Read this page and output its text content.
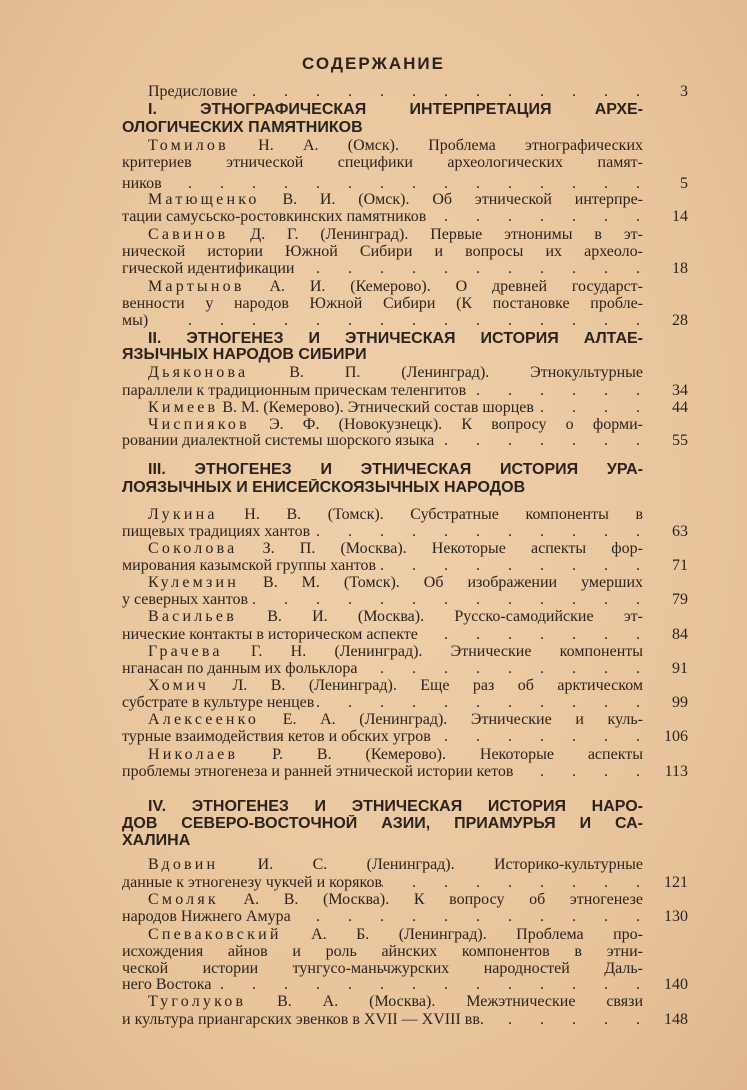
СОДЕРЖАНИЕ
Предисловие .	3
I. ЭТНОГРАФИЧЕСКАЯ ИНТЕРПРЕТАЦИЯ АРХЕ-
ОЛОГИЧЕСКИХ ПАМЯТНИКОВ
Томилов Н. А. (Омск). Проблема этнографических
критериев этнической специфики археологических памят-
ников .	5
Матющенко В. И. (Омск). Об этнической интерпре-
тации самусьско-ростовкинских памятников .	14
Савинов Д. Г. (Ленинград). Первые этнонимы в эт-
нической истории Южной Сибири и вопросы их археоло-
гической идентификации .	18
Мартынов А. И. (Кемерово). О древней государст-
венности у народов Южной Сибири (К постановке пробле-
мы) .	28
II. ЭТНОГЕНЕЗ И ЭТНИЧЕСКАЯ ИСТОРИЯ АЛТАЕ-
ЯЗЫЧНЫХ НАРОДОВ СИБИРИ
Дьяконова	В. П. (Ленинград). Этнокультурные
параллели к традиционным прическам теленгитов .	34
Кимеев В. М. (Кемерово). Этнический состав шорцев .	44
Чиспияков Э. Ф. (Новокузнецк). К вопросу о форми-
ровании диалектной системы шорского языка .	55
III. ЭТНОГЕНЕЗ И ЭТНИЧЕСКАЯ ИСТОРИЯ УРА-
ЛОЯЗЫЧНЫХ И ЕНИСЕЙСКОЯЗЫЧНЫХ НАРОДОВ
Лукина Н. В. (Томск). Субстратные компоненты в
пищевых традициях хантов .	63
Соколова З. П. (Москва). Некоторые аспекты фор-
мирования казымской группы хантов .	71
Кулемзин В. М. (Томск). Об изображении умерших
у северных хантов .	79
Васильев В. И. (Москва). Русско-самодийские эт-
нические контакты в историческом аспекте .	84
Грачева Г. Н. (Ленинград). Этнические компоненты
нганасан по данным их фольклора .	91
Хомич Л. В. (Ленинград). Еще раз об арктическом
субстрате в культуре ненцев .	99
Алексеенко Е. А. (Ленинград). Этнические и куль-
турные взаимодействия кетов и обских угров .	106
Николаев Р. В. (Кемерово). Некоторые аспекты
проблемы этногенеза и ранней этнической истории кетов .	113
IV. ЭТНОГЕНЕЗ И ЭТНИЧЕСКАЯ ИСТОРИЯ НАРО-
ДОВ СЕВЕРО-ВОСТОЧНОЙ АЗИИ, ПРИАМУРЬЯ И СА-
ХАЛИНА
Вдовин И. С. (Ленинград). Историко-культурные
данные к этногенезу чукчей и коряков .	121
Смоляк А. В. (Москва). К вопросу об этногенезе
народов Нижнего Амура .	130
Спеваковский А. Б. (Ленинград). Проблема про-
исхождения айнов и роль айнских компонентов в этни-
ческой истории тунгусо-маньчжурских народностей Даль-
него Востока .	140
Туголуков В. А. (Москва). Межэтнические связи
и культура приангарских эвенков в XVII — XVIII вв. .	148
